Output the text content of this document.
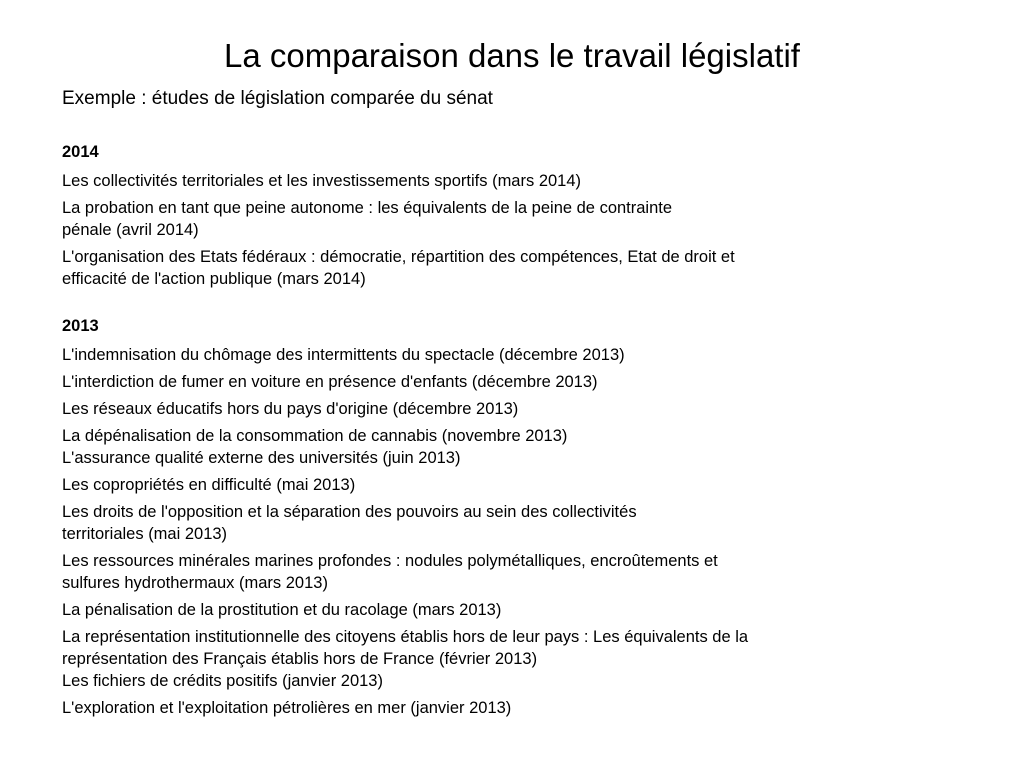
La comparaison dans le travail législatif
Exemple : études de législation comparée du sénat
2014
Les collectivités territoriales et les investissements sportifs (mars 2014)
La probation en tant que peine autonome : les équivalents de la peine de contrainte
pénale (avril 2014)
L'organisation des Etats fédéraux : démocratie, répartition des compétences, Etat de droit et
efficacité de l'action publique (mars 2014)
2013
L'indemnisation du chômage des intermittents du spectacle (décembre 2013)
L'interdiction de fumer en voiture en présence d'enfants (décembre 2013)
Les réseaux éducatifs hors du pays d'origine (décembre 2013)
La dépénalisation de la consommation de cannabis (novembre 2013)
L'assurance qualité externe des universités (juin 2013)
Les copropriétés en difficulté (mai 2013)
Les droits de l'opposition et la séparation des pouvoirs au sein des collectivités
territoriales (mai 2013)
Les ressources minérales marines profondes : nodules polymétalliques, encroûtements et
sulfures hydrothermaux (mars 2013)
La pénalisation de la prostitution et du racolage (mars 2013)
La représentation institutionnelle des citoyens établis hors de leur pays : Les équivalents de la
représentation des Français établis hors de France (février 2013)
Les fichiers de crédits positifs (janvier 2013)
L'exploration et l'exploitation pétrolières en mer (janvier 2013)
